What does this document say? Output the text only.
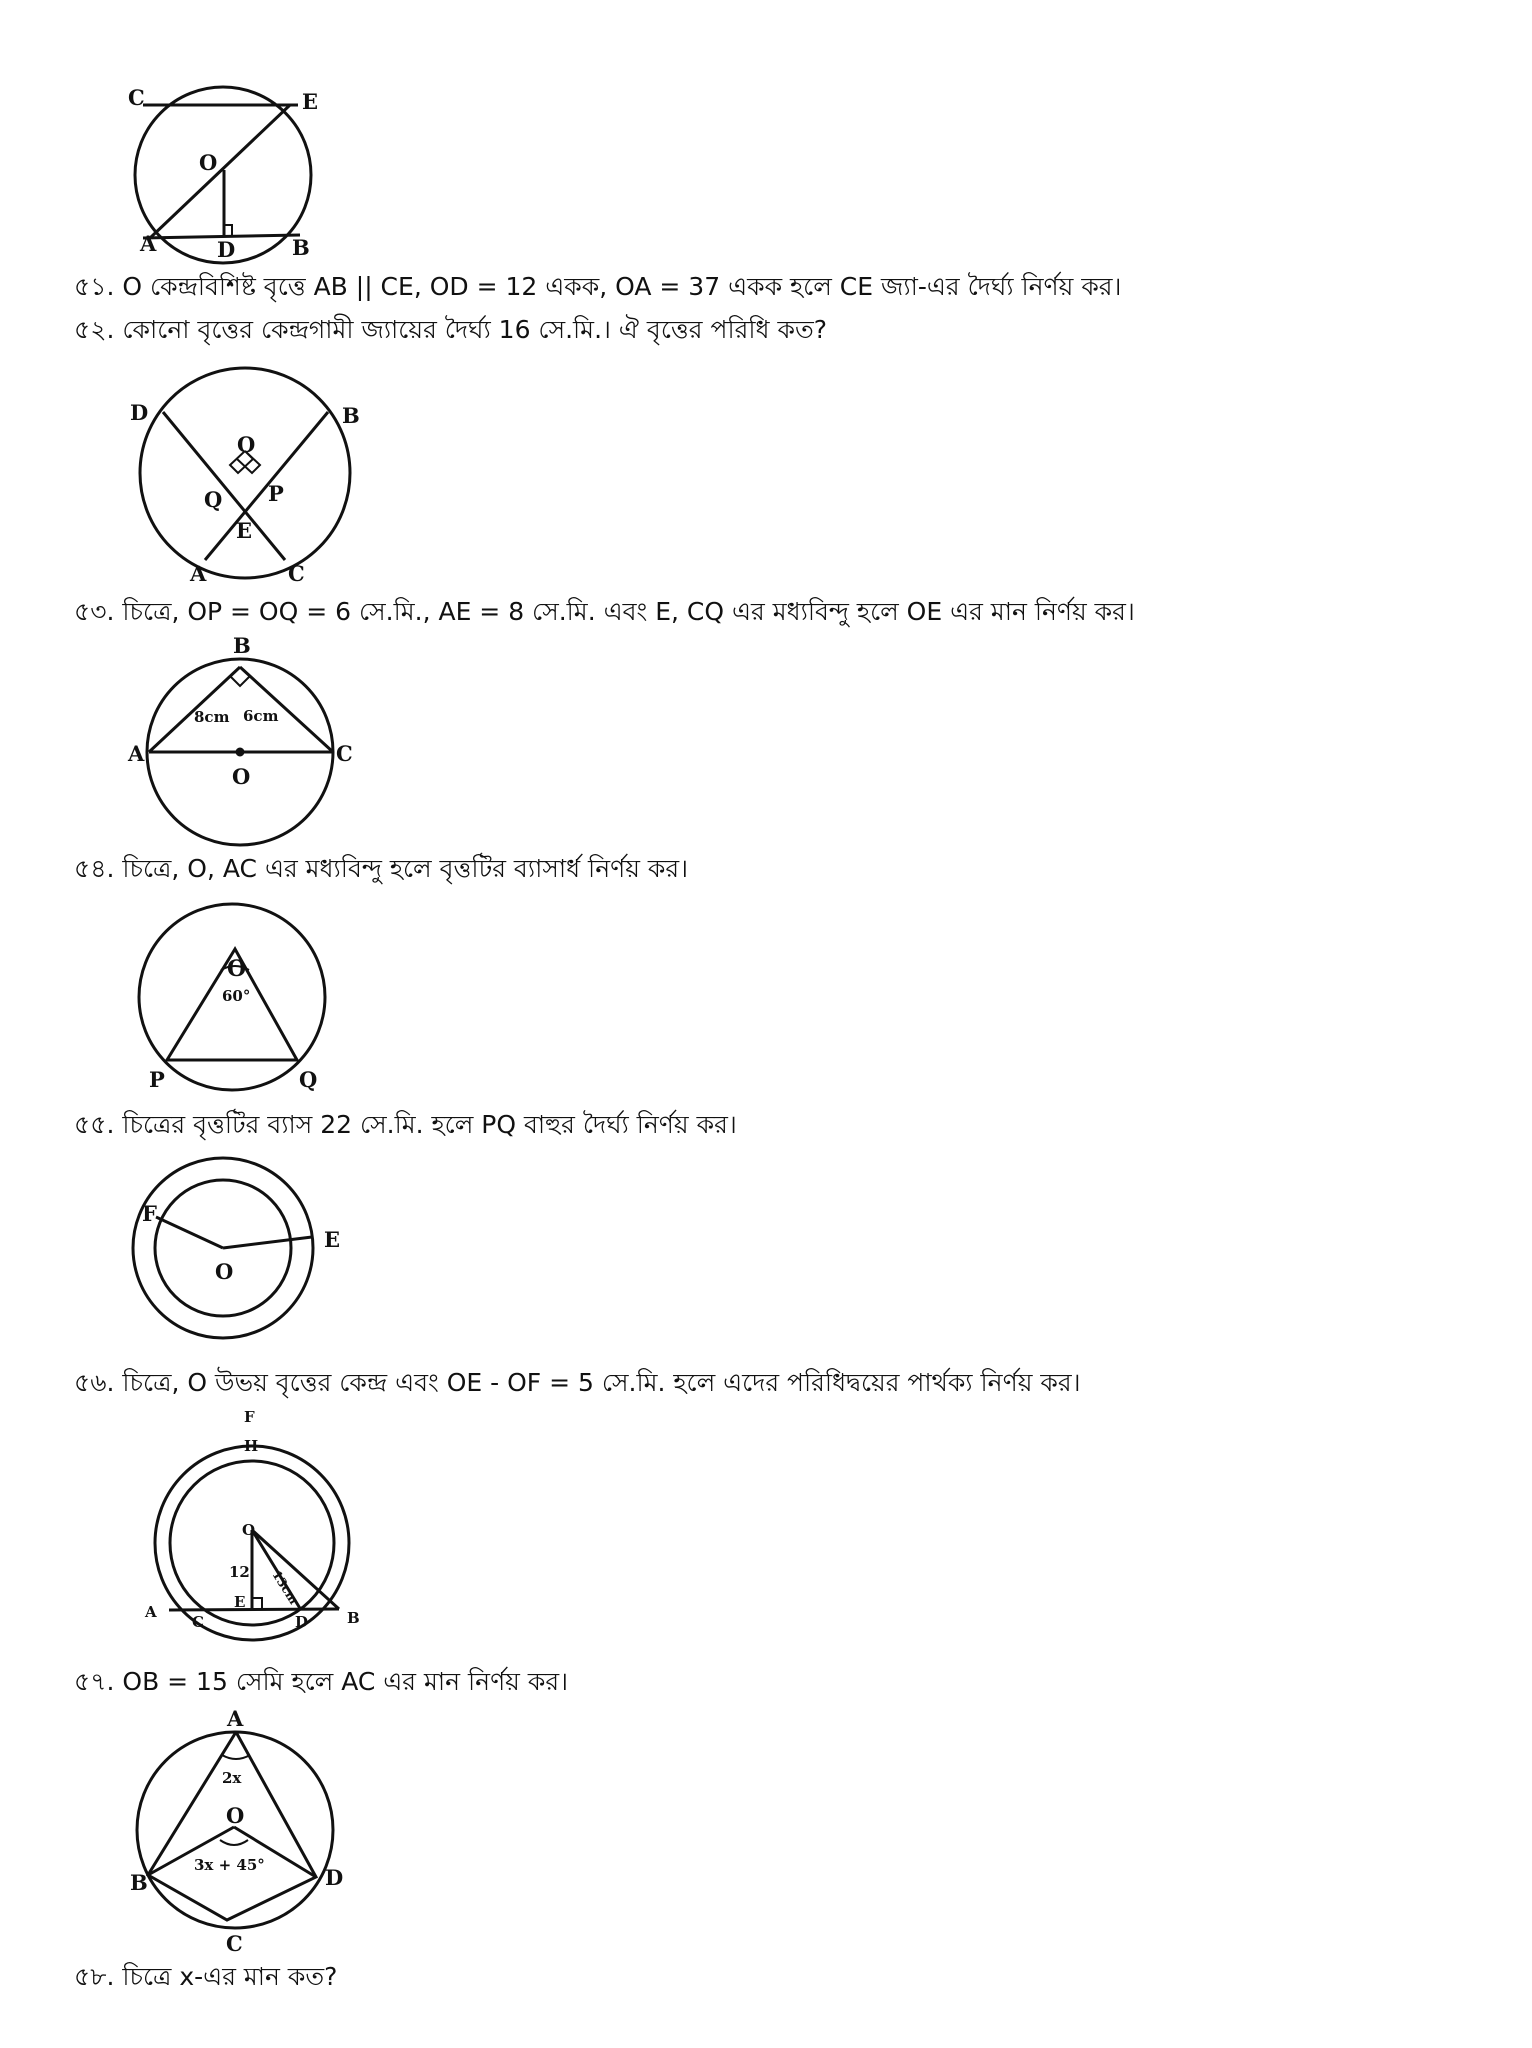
C	E
O
A	D	B
৫১. O কেন্দ্রবিশিষ্ট বৃত্তে AB || CE, OD = 12 একক, OA = 37 একক হলে CE জ্যা-এর দৈর্ঘ্য নির্ণয় কর।
৫২. কোনো বৃত্তের কেন্দ্রগামী জ্যায়ের দৈর্ঘ্য 16 সে.মি.। ঐ বৃত্তের পরিধি কত?
D	B
O
Q P
E
A	C
৫৩. চিত্রে, OP = OQ = 6 সে.মি., AE = 8 সে.মি. এবং E, CQ এর মধ্যবিন্দু হলে OE এর মান নির্ণয় কর।
B
A	C
O
8cm 6cm
৫৪. চিত্রে, O, AC এর মধ্যবিন্দু হলে বৃত্তটির ব্যাসার্ধ নির্ণয় কর।
O
60°
P	Q
৫৫. চিত্রের বৃত্তটির ব্যাস 22 সে.মি. হলে PQ বাহুর দৈর্ঘ্য নির্ণয় কর।
F
E
O
৫৬. চিত্রে, O উভয় বৃত্তের কেন্দ্র এবং OE - OF = 5 সে.মি. হলে এদের পরিধিদ্বয়ের পার্থক্য নির্ণয় কর।
F
H
O
12 13cm
A
C
E
D	B
৫৭. OB = 15 সেমি হলে AC এর মান নির্ণয় কর।
A
2x
O
3x + 45°
B	D
C
৫৮. চিত্রে x-এর মান কত?
